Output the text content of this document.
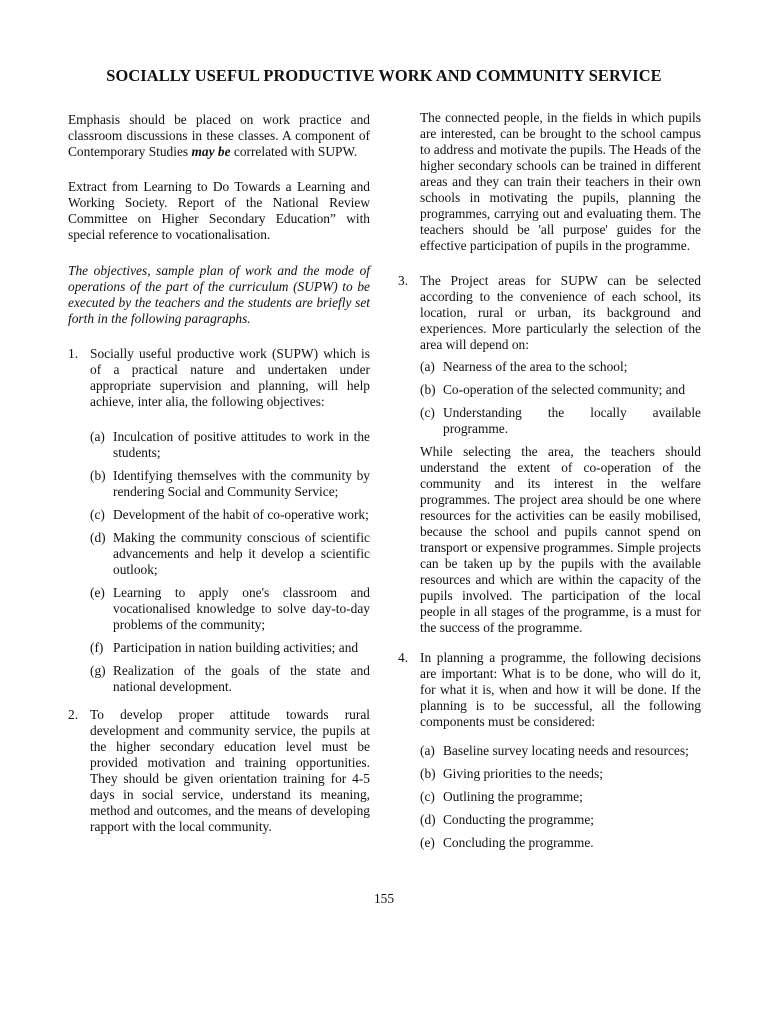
SOCIALLY USEFUL PRODUCTIVE WORK AND COMMUNITY SERVICE

Emphasis should be placed on work practice and classroom discussions in these classes. A component of Contemporary Studies may be correlated with SUPW.

Extract from Learning to Do Towards a Learning and Working Society. Report of the National Review Committee on Higher Secondary Education” with special reference to vocationalisation.

The objectives, sample plan of work and the mode of operations of the part of the curriculum (SUPW) to be executed by the teachers and the students are briefly set forth in the following paragraphs.

1. Socially useful productive work (SUPW) which is of a practical nature and undertaken under appropriate supervision and planning, will help achieve, inter alia, the following objectives:
(a) Inculcation of positive attitudes to work in the students;
(b) Identifying themselves with the community by rendering Social and Community Service;
(c) Development of the habit of co-operative work;
(d) Making the community conscious of scientific advancements and help it develop a scientific outlook;
(e) Learning to apply one's classroom and vocationalised knowledge to solve day-to-day problems of the community;
(f) Participation in nation building activities; and
(g) Realization of the goals of the state and national development.
2. To develop proper attitude towards rural development and community service, the pupils at the higher secondary education level must be provided motivation and training opportunities. They should be given orientation training for 4-5 days in social service, understand its meaning, method and outcomes, and the means of developing rapport with the local community.

The connected people, in the fields in which pupils are interested, can be brought to the school campus to address and motivate the pupils. The Heads of the higher secondary schools can be trained in different areas and they can train their teachers in their own schools in motivating the pupils, planning the programmes, carrying out and evaluating them. The teachers should be 'all purpose' guides for the effective participation of pupils in the programme.

3. The Project areas for SUPW can be selected according to the convenience of each school, its location, rural or urban, its background and experiences. More particularly the selection of the area will depend on:
(a) Nearness of the area to the school;
(b) Co-operation of the selected community; and
(c) Understanding the locally available programme.

While selecting the area, the teachers should understand the extent of co-operation of the community and its interest in the welfare programmes. The project area should be one where resources for the activities can be easily mobilised, because the school and pupils cannot spend on transport or expensive programmes. Simple projects can be taken up by the pupils with the available resources and which are within the capacity of the pupils involved. The participation of the local people in all stages of the programme, is a must for the success of the programme.

4. In planning a programme, the following decisions are important: What is to be done, who will do it, for what it is, when and how it will be done. If the planning is to be successful, all the following components must be considered:
(a) Baseline survey locating needs and resources;
(b) Giving priorities to the needs;
(c) Outlining the programme;
(d) Conducting the programme;
(e) Concluding the programme.
155
